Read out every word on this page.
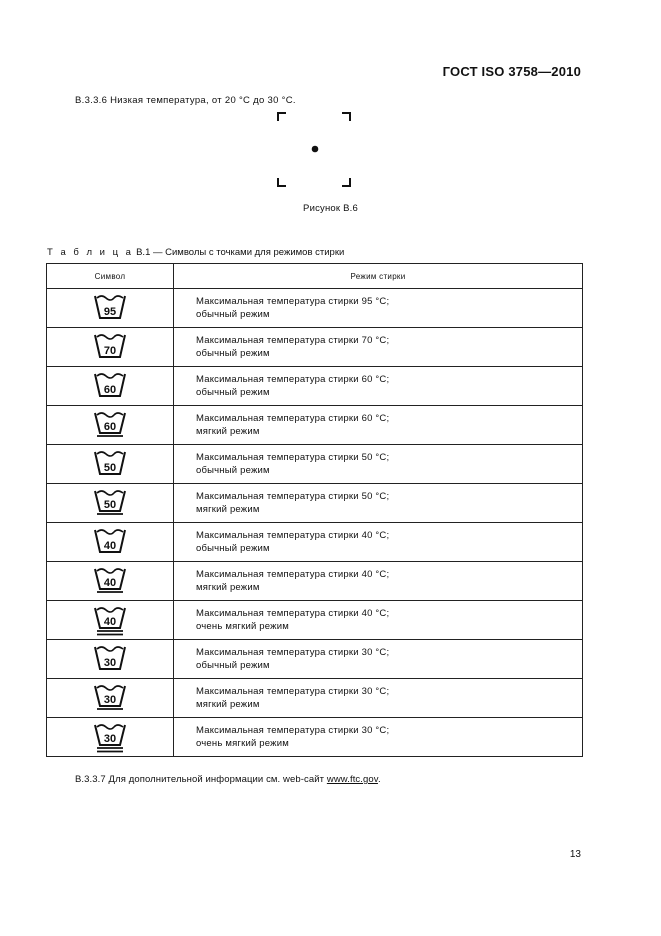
ГОСТ ISO 3758—2010
В.3.3.6 Низкая температура, от 20 °С до 30 °С.
Рисунок В.6
Т а б л и ц а В.1 — Символы с точками для режимов стирки
Символ	Режим стирки

95	Максимальная температура стирки 95 °С;
обычный режим

70	Максимальная температура стирки 70 °С;
обычный режим

60	Максимальная температура стирки 60 °С;
обычный режим

60	Максимальная температура стирки 60 °С;
мягкий режим

50	Максимальная температура стирки 50 °С;
обычный режим

50	Максимальная температура стирки 50 °С;
мягкий режим

40	Максимальная температура стирки 40 °С;
обычный режим

40	Максимальная температура стирки 40 °С;
мягкий режим

40	Максимальная температура стирки 40 °С;
очень мягкий режим

30	Максимальная температура стирки 30 °С;
обычный режим

30	Максимальная температура стирки 30 °С;
мягкий режим

30	Максимальная температура стирки 30 °С;
очень мягкий режим
В.3.3.7 Для дополнительной информации см. web-сайт www.ftc.gov.
13
